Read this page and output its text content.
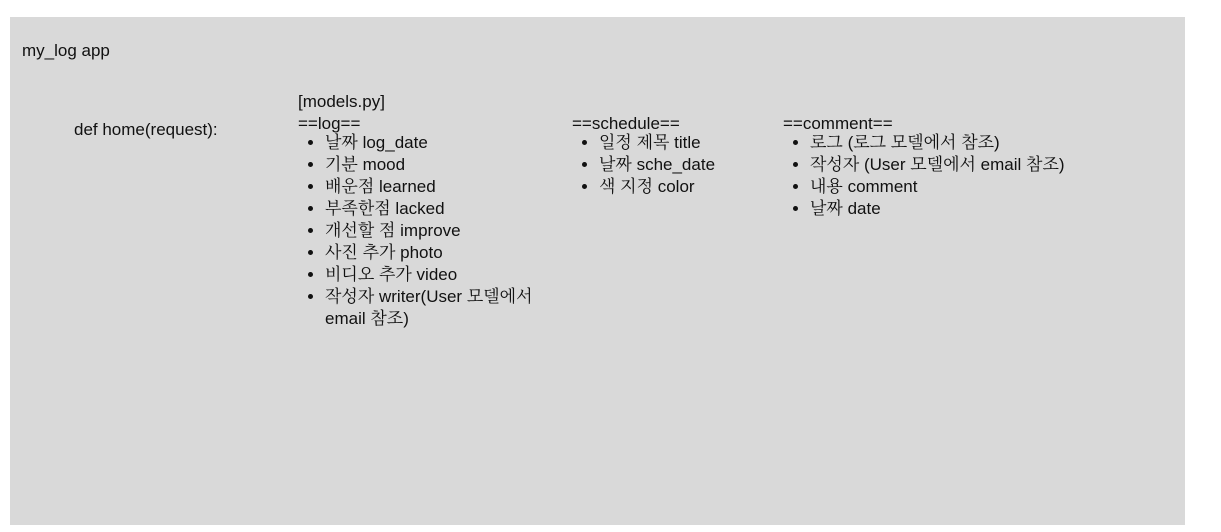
my_log app
def home(request):
[models.py]
==log==
• 날짜 log_date
• 기분 mood
• 배운점 learned
• 부족한점 lacked
• 개선할 점 improve
• 사진 추가 photo
• 비디오 추가 video
• 작성자 writer(User 모델에서 email 참조)
==schedule==
• 일정 제목 title
• 날짜 sche_date
• 색 지정 color
==comment==
• 로그 (로그 모델에서 참조)
• 작성자 (User 모델에서 email 참조)
• 내용 comment
• 날짜 date
